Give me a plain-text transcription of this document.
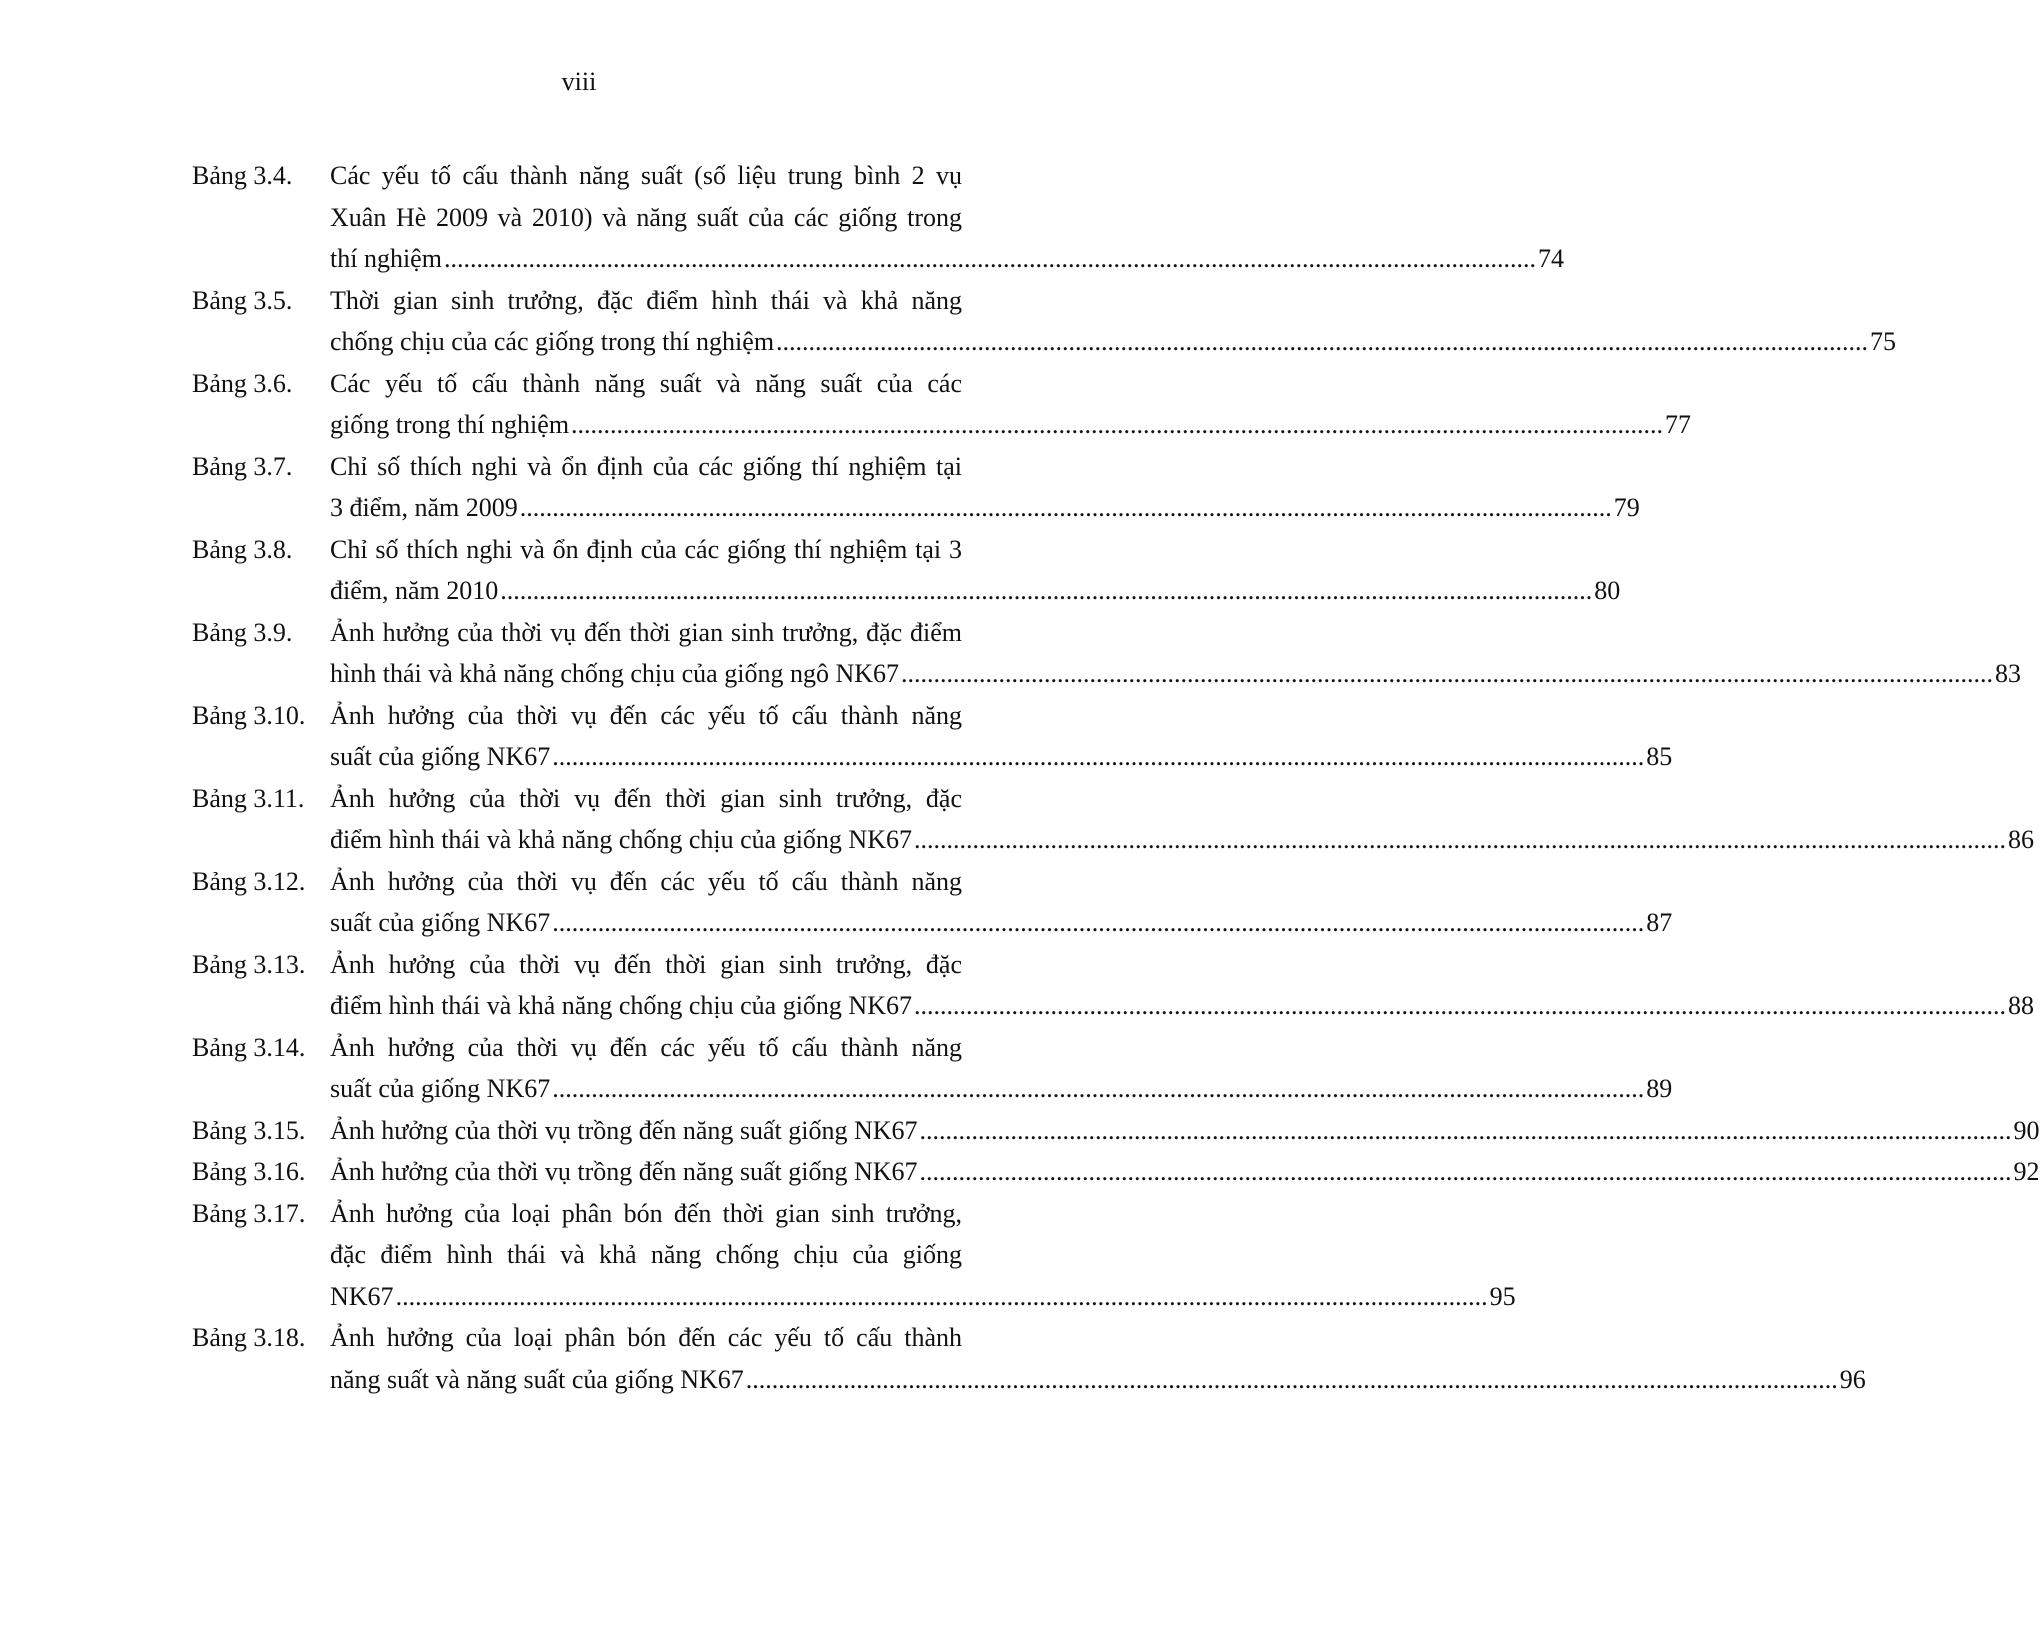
viii
Bảng 3.4.	Các yếu tố cấu thành năng suất (số liệu trung bình 2 vụ
Xuân Hè 2009 và 2010) và năng suất của các giống trong
thí nghiệm ........................................................................................................................................................................ 74
Bảng 3.5.	Thời gian sinh trưởng, đặc điểm hình thái và khả năng
chống chịu của các giống trong thí nghiệm ........................................................................................................................................................................ 75
Bảng 3.6.	Các yếu tố cấu thành năng suất và năng suất của các
giống trong thí nghiệm ........................................................................................................................................................................ 77
Bảng 3.7.	Chỉ số thích nghi và ổn định của các giống thí nghiệm tại
3 điểm, năm 2009 ........................................................................................................................................................................ 79
Bảng 3.8.	Chỉ số thích nghi và ổn định của các giống thí nghiệm tại 3
điểm, năm 2010 ........................................................................................................................................................................ 80
Bảng 3.9.	Ảnh hưởng của thời vụ đến thời gian sinh trưởng, đặc điểm
hình thái và khả năng chống chịu của giống ngô NK67 ........................................................................................................................................................................ 83
Bảng 3.10. Ảnh hưởng của thời vụ đến các yếu tố cấu thành năng
suất của giống NK67 ........................................................................................................................................................................ 85
Bảng 3.11. Ảnh hưởng của thời vụ đến thời gian sinh trưởng, đặc
điểm hình thái và khả năng chống chịu của giống NK67 ........................................................................................................................................................................ 86
Bảng 3.12. Ảnh hưởng của thời vụ đến các yếu tố cấu thành năng
suất của giống NK67 ........................................................................................................................................................................ 87
Bảng 3.13. Ảnh hưởng của thời vụ đến thời gian sinh trưởng, đặc
điểm hình thái và khả năng chống chịu của giống NK67 ........................................................................................................................................................................ 88
Bảng 3.14. Ảnh hưởng của thời vụ đến các yếu tố cấu thành năng
suất của giống NK67 ........................................................................................................................................................................ 89
Bảng 3.15. Ảnh hưởng của thời vụ trồng đến năng suất giống NK67 ........................................................................................................................................................................ 90
Bảng 3.16. Ảnh hưởng của thời vụ trồng đến năng suất giống NK67 ........................................................................................................................................................................ 92
Bảng 3.17. Ảnh hưởng của loại phân bón đến thời gian sinh trưởng,
đặc điểm hình thái và khả năng chống chịu của giống
NK67 ........................................................................................................................................................................ 95
Bảng 3.18. Ảnh hưởng của loại phân bón đến các yếu tố cấu thành
năng suất và năng suất của giống NK67 ........................................................................................................................................................................ 96
